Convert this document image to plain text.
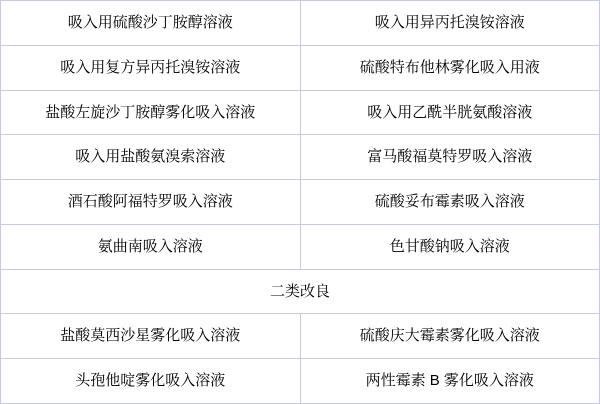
吸入用硫酸沙丁胺醇溶液	吸入用异丙托溴铵溶液
吸入用复方异丙托溴铵溶液	硫酸特布他林雾化吸入用液
盐酸左旋沙丁胺醇雾化吸入溶液	吸入用乙酰半胱氨酸溶液
吸入用盐酸氨溴索溶液	富马酸福莫特罗吸入溶液
酒石酸阿福特罗吸入溶液	硫酸妥布霉素吸入溶液
氨曲南吸入溶液	色甘酸钠吸入溶液
二类改良	
盐酸莫西沙星雾化吸入溶液	硫酸庆大霉素雾化吸入溶液
头孢他啶雾化吸入溶液	两性霉素 B 雾化吸入溶液
